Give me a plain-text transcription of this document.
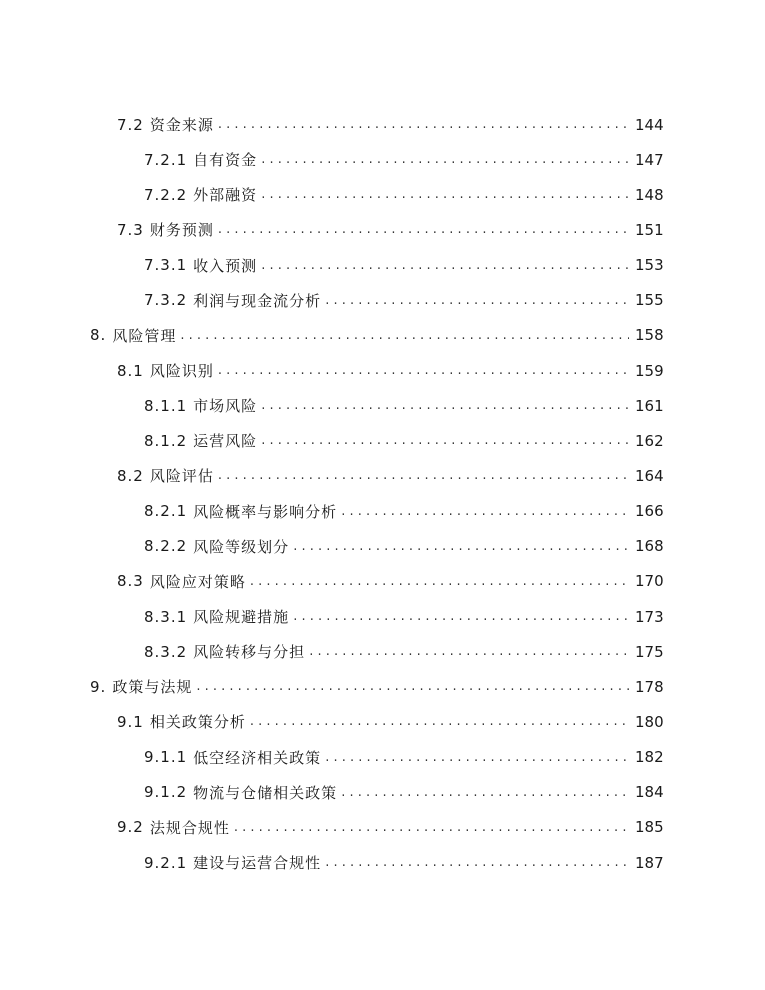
7.2 资金来源 . . .	144
7.2.1 自有资金 . . .	147
7.2.2 外部融资 . . .	148
7.3 财务预测 . . .	151
7.3.1 收入预测 . . .	153
7.3.2 利润与现金流分析 . . .	155
8. 风险管理 . . .	158
8.1 风险识别 . . .	159
8.1.1 市场风险 . . .	161
8.1.2 运营风险 . . .	162
8.2 风险评估 . . .	164
8.2.1 风险概率与影响分析 . . .	166
8.2.2 风险等级划分 . . .	168
8.3 风险应对策略 . . .	170
8.3.1 风险规避措施 . . .	173
8.3.2 风险转移与分担 . . .	175
9. 政策与法规 . . .	178
9.1 相关政策分析 . . .	180
9.1.1 低空经济相关政策 . . .	182
9.1.2 物流与仓储相关政策 . . .	184
9.2 法规合规性 . . .	185
9.2.1 建设与运营合规性 . . .	187
